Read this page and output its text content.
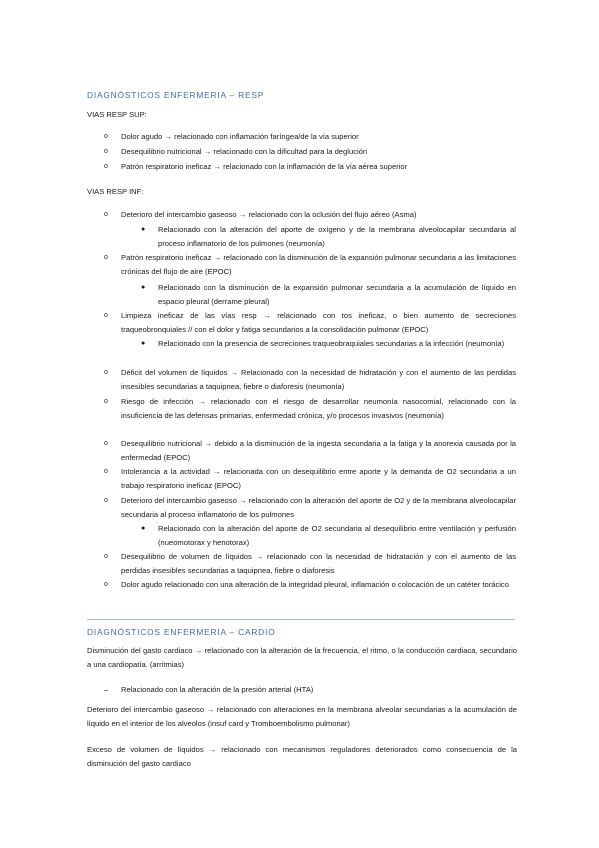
DIAGNÓSTICOS ENFERMERIA – RESP
VIAS RESP SUP:
o	Dolor agudo → relacionado con inflamación faríngea/de la vía superior
o	Desequilibrio nutricional → relacionado con la dificultad para la deglución
o	Patrón respiratorio ineficaz → relacionado con la inflamación de la vía aérea superior
VIAS RESP INF:
o	Deterioro del intercambio gaseoso → relacionado con la oclusión del flujo aéreo (Asma)
●	Relacionado con la alteración del aporte de oxígeno y de la membrana alveolocapilar secundaria al proceso inflamatorio de los pulmones (neumonía)
o	Patrón respiratorio ineficaz → relacionado con la disminución de la expansión pulmonar secundaria a las limitaciones crónicas del flujo de aire (EPOC)
●	Relacionado con la disminución de la expansión pulmonar secundaria a la acumulación de líquido en espacio pleural (derrame pleural)
o	Limpieza ineficaz de las vías resp → relacionado con tos ineficaz, o bien aumento de secreciones traqueobronquiales // con el dolor y fatiga secundarios a la consolidación pulmonar (EPOC)
●	Relacionado con la presencia de secreciones traqueobraquiales secundarias a la infección (neumonía)
o	Déficit del volumen de líquidos → Relacionado con la necesidad de hidratación y con el aumento de las perdidas insesibles secundarias a taquipnea, fiebre o diaforesis (neumonía)
o	Riesgo de infección → relacionado con el riesgo de desarrollar neumonía nasocomial, relacionado con la insuficiencia de las defensas primarias, enfermedad crónica, y/o procesos invasivos (neumonía)
o	Desequilibrio nutricional → debido a la disminución de la ingesta secundaria a la fatiga y la anorexia causada por la enfermedad (EPOC)
o	Intolerancia a la actividad → relacionada con un desequilibrio entre aporte y la demanda de O2 secundaria a un trabajo respiratorio ineficaz (EPOC)
o	Deterioro del intercambio gaseoso → relacionado con la alteración del aporte de O2 y de la membrana alveolocapilar secundaria al proceso inflamatorio de los pulmones
●	Relacionado con la alteración del aporte de O2 secundaria al desequilibrio entre ventilación y perfusión (nueomotorax y henotorax)
o	Desequilibrio de volumen de líquidos → relacionado con la necesidad de hidratación y con el aumento de las perdidas insesibles secundarias a taquipnea, fiebre o diaforesis
o	Dolor agudo relacionado con una alteración de la integridad pleural, inflamación o colocación de un catéter torácico
DIAGNÓSTICOS ENFERMERIA – CARDIO
Disminución del gasto cardiaco → relacionado con la alteración de la frecuencia, el ritmo, o la conducción cardiaca, secundario a una cardiopatía. (arritmias)
– Relacionado con la alteración de la presión arterial (HTA)
Deterioro del intercambio gaseoso → relacionado con alteraciones en la membrana alveolar secundarias a la acumulación de líquido en el interior de los alveolos (insuf card y Tromboembolismo pulmonar)
Exceso de volumen de líquidos → relacionado con mecanismos reguladores deteriorados como consecuencia de la disminución del gasto cardiaco
